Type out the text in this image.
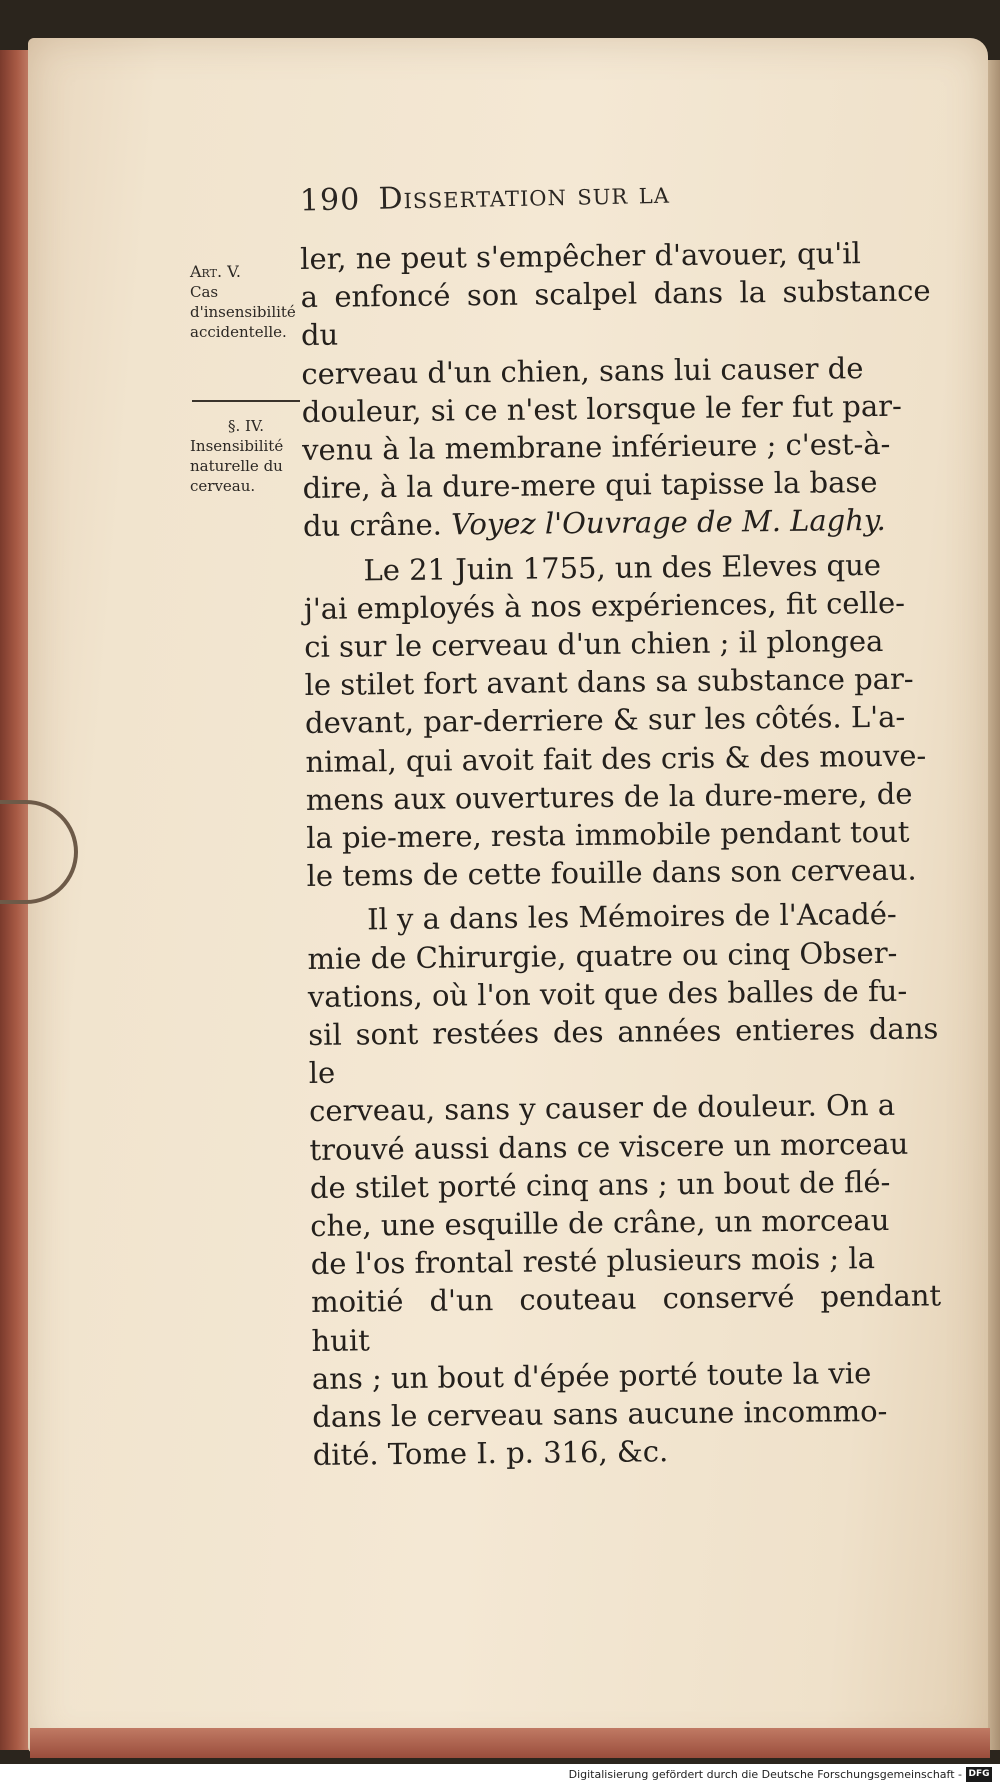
190 Dissertation sur la
Art. V.
Cas d'insensibilité accidentelle.
§. IV.
Insensibilité naturelle du cerveau.

ler, ne peut s'empêcher d'avouer, qu'il

a enfoncé son scalpel dans la substance du

cerveau d'un chien, sans lui causer de

douleur, si ce n'est lorsque le fer fut par-

venu à la membrane inférieure ; c'est-à-

dire, à la dure-mere qui tapisse la base

du crâne. Voyez l'Ouvrage de M. Laghy.

Le 21 Juin 1755, un des Eleves que

j'ai employés à nos expériences, fit celle-

ci sur le cerveau d'un chien ; il plongea

le stilet fort avant dans sa substance par-

devant, par-derriere & sur les côtés. L'a-

nimal, qui avoit fait des cris & des mouve-

mens aux ouvertures de la dure-mere, de

la pie-mere, resta immobile pendant tout

le tems de cette fouille dans son cerveau.

Il y a dans les Mémoires de l'Acadé-

mie de Chirurgie, quatre ou cinq Obser-

vations, où l'on voit que des balles de fu-

sil sont restées des années entieres dans le

cerveau, sans y causer de douleur. On a

trouvé aussi dans ce viscere un morceau

de stilet porté cinq ans ; un bout de flé-

che, une esquille de crâne, un morceau

de l'os frontal resté plusieurs mois ; la

moitié d'un couteau conservé pendant huit

ans ; un bout d'épée porté toute la vie

dans le cerveau sans aucune incommo-

dité. Tome I. p. 316, &c.

Digitalisierung gefördert durch die Deutsche Forschungsgemeinschaft - DFG
